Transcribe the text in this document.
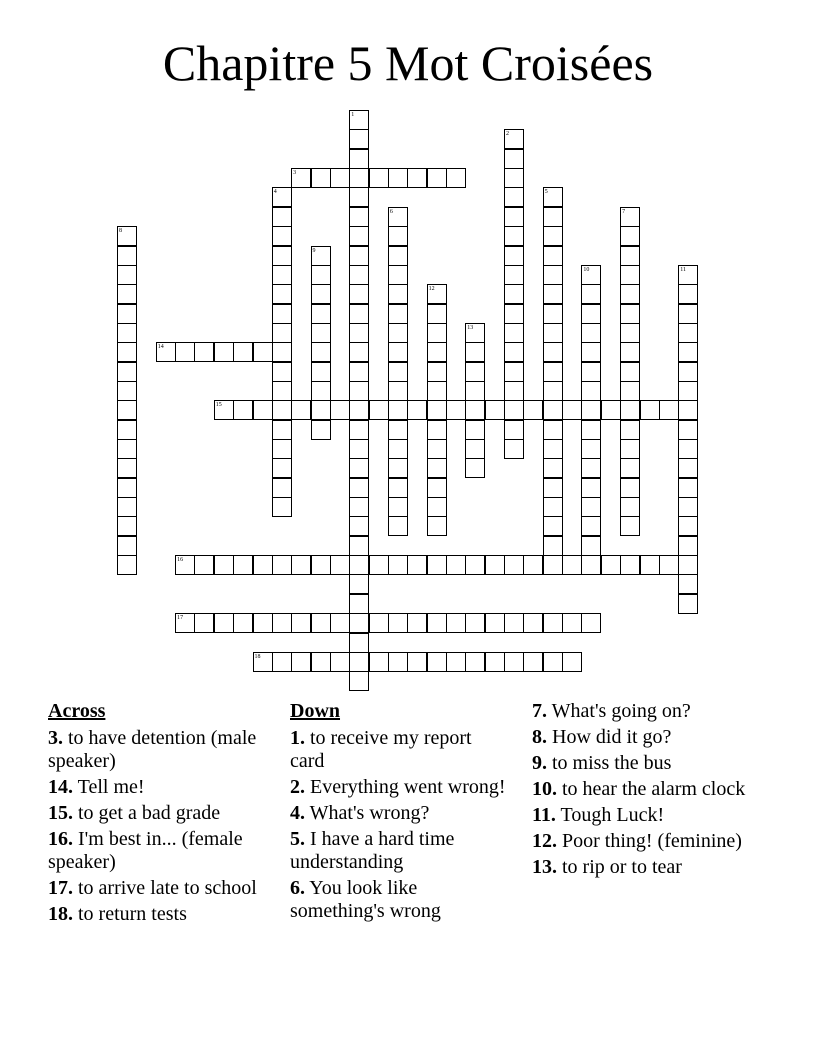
Chapitre 5 Mot Croisées
1
2
3
4	5
6	7
8
9
10	11
12
13
14
15
16
17
18
Across
3. to have detention (male speaker)
14. Tell me!
15. to get a bad grade
16. I'm best in... (female speaker)
17. to arrive late to school
18. to return tests
Down
1. to receive my report card
2. Everything went wrong!
4. What's wrong?
5. I have a hard time understanding
6. You look like something's wrong
7. What's going on?
8. How did it go?
9. to miss the bus
10. to hear the alarm clock
11. Tough Luck!
12. Poor thing! (feminine)
13. to rip or to tear
